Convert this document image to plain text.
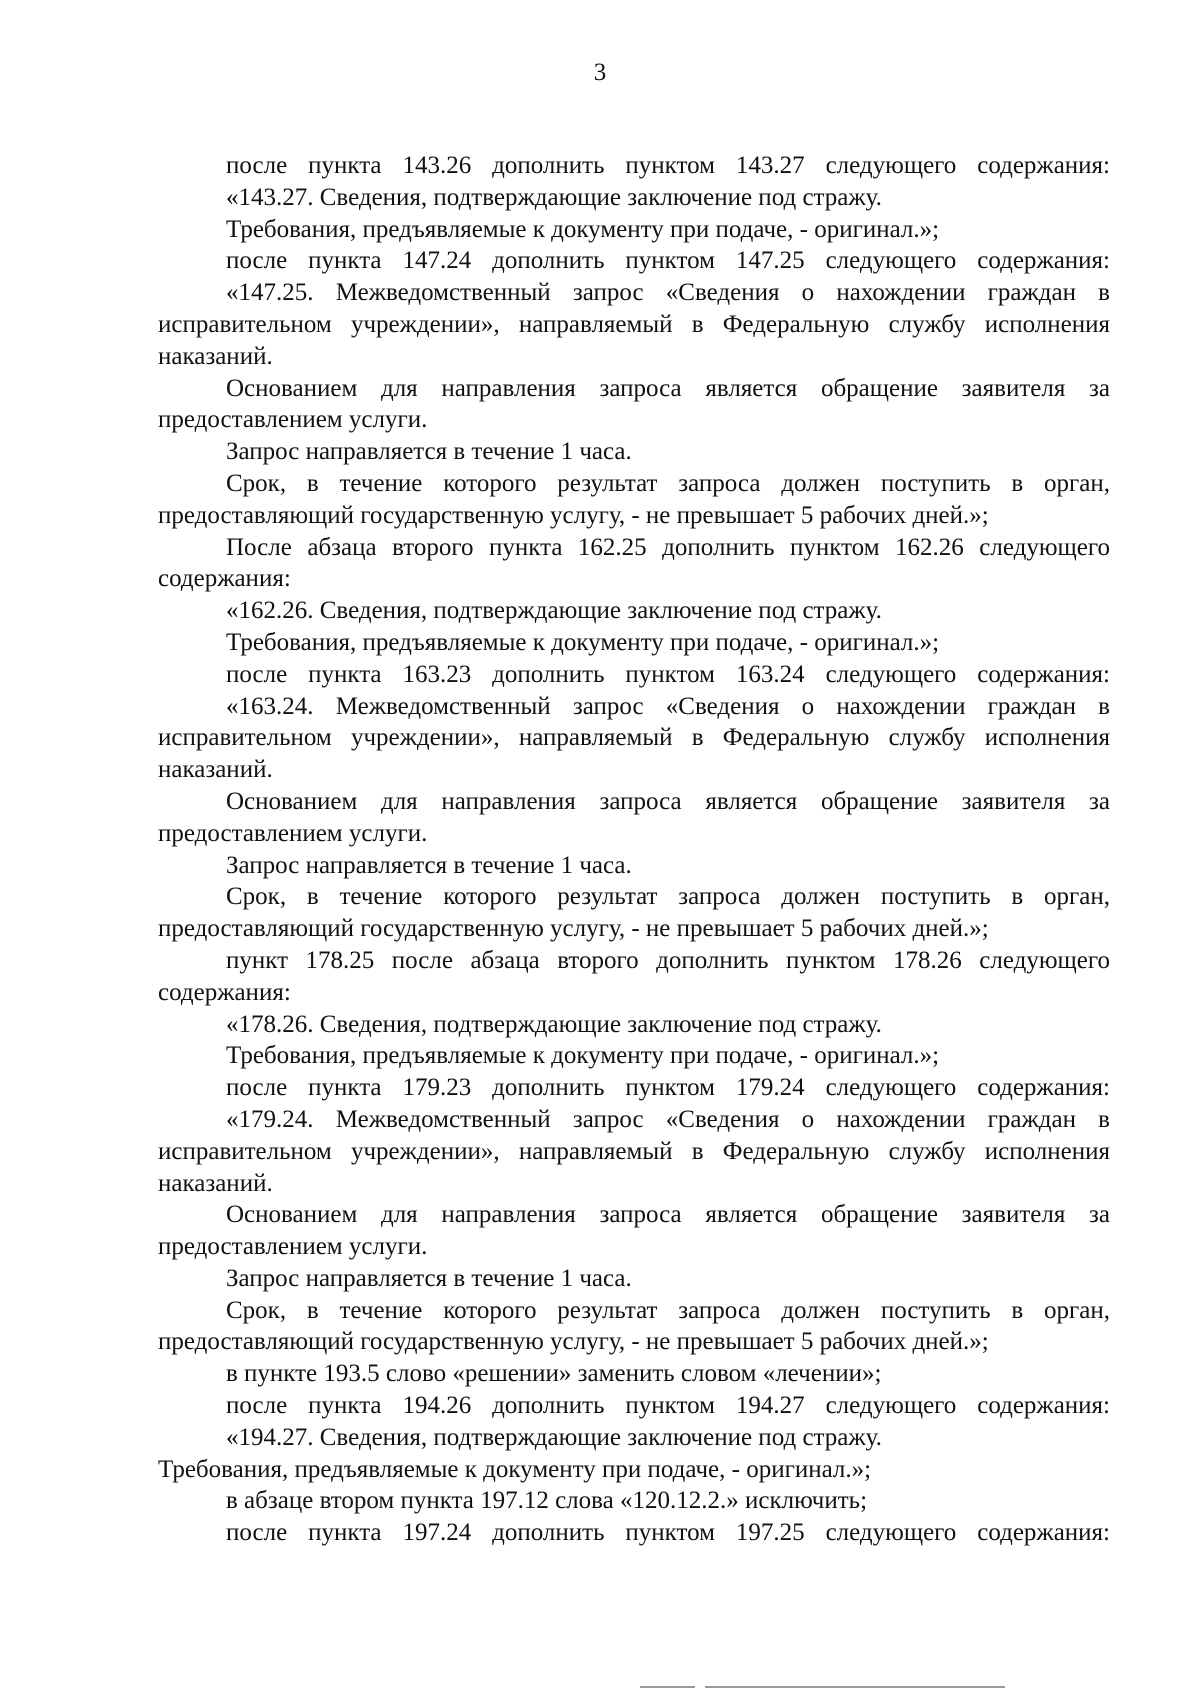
3

после пункта 143.26 дополнить пунктом 143.27 следующего содержания:

«143.27. Сведения, подтверждающие заключение под стражу.

Требования, предъявляемые к документу при подаче, - оригинал.»;

после пункта 147.24 дополнить пунктом 147.25 следующего содержания:

«147.25. Межведомственный запрос «Сведения о нахождении граждан в исправительном учреждении», направляемый в Федеральную службу исполнения наказаний.

Основанием для направления запроса является обращение заявителя за предоставлением услуги.

Запрос направляется в течение 1 часа.

Срок, в течение которого результат запроса должен поступить в орган, предоставляющий государственную услугу, - не превышает 5 рабочих дней.»;

После абзаца второго пункта 162.25 дополнить пунктом 162.26 следующего содержания:

«162.26. Сведения, подтверждающие заключение под стражу.

Требования, предъявляемые к документу при подаче, - оригинал.»;

после пункта 163.23 дополнить пунктом 163.24 следующего содержания:

«163.24. Межведомственный запрос «Сведения о нахождении граждан в исправительном учреждении», направляемый в Федеральную службу исполнения наказаний.

Основанием для направления запроса является обращение заявителя за предоставлением услуги.

Запрос направляется в течение 1 часа.

Срок, в течение которого результат запроса должен поступить в орган, предоставляющий государственную услугу, - не превышает 5 рабочих дней.»;

пункт 178.25 после абзаца второго дополнить пунктом 178.26 следующего содержания:

«178.26. Сведения, подтверждающие заключение под стражу.

Требования, предъявляемые к документу при подаче, - оригинал.»;

после пункта 179.23 дополнить пунктом 179.24 следующего содержания:

«179.24. Межведомственный запрос «Сведения о нахождении граждан в исправительном учреждении», направляемый в Федеральную службу исполнения наказаний.

Основанием для направления запроса является обращение заявителя за предоставлением услуги.

Запрос направляется в течение 1 часа.

Срок, в течение которого результат запроса должен поступить в орган, предоставляющий государственную услугу, - не превышает 5 рабочих дней.»;

в пункте 193.5 слово «решении» заменить словом «лечении»;

после пункта 194.26 дополнить пунктом 194.27 следующего содержания:

«194.27. Сведения, подтверждающие заключение под стражу.

Требования, предъявляемые к документу при подаче, - оригинал.»;

в абзаце втором пункта 197.12 слова «120.12.2.» исключить;

после пункта 197.24 дополнить пунктом 197.25 следующего содержания:
